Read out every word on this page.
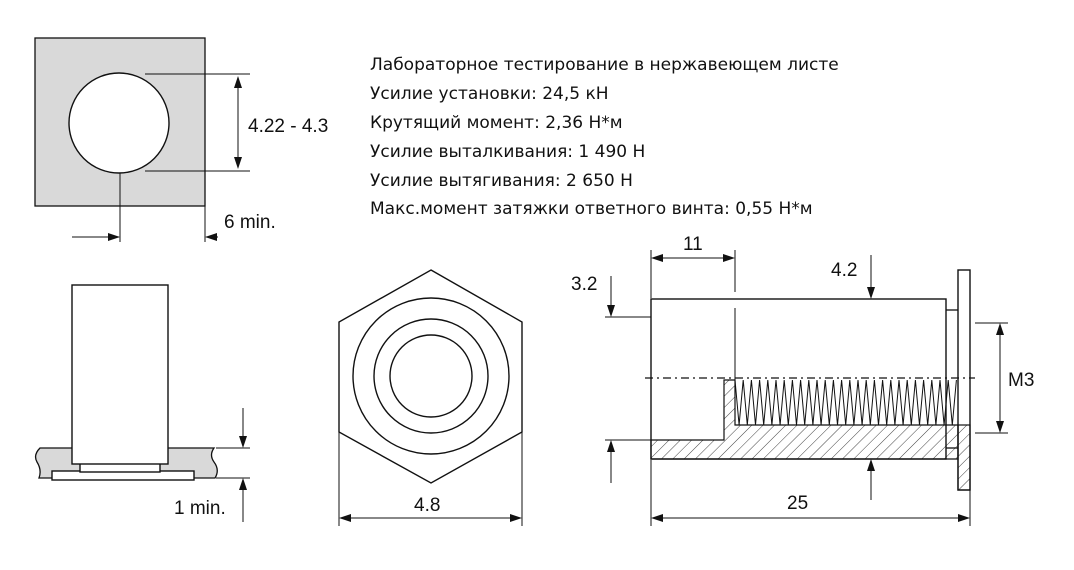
4.22 - 4.3
6 min.
Лабораторное тестирование в нержавеющем листе
Усилие установки: 24,5 кН
Крутящий момент: 2,36 Н*м
Усилие выталкивания: 1 490 Н
Усилие вытягивания: 2 650 Н
Макс.момент затяжки ответного винта: 0,55 Н*м
1 min.	4.8
11
3.2
4.2
M3
25
